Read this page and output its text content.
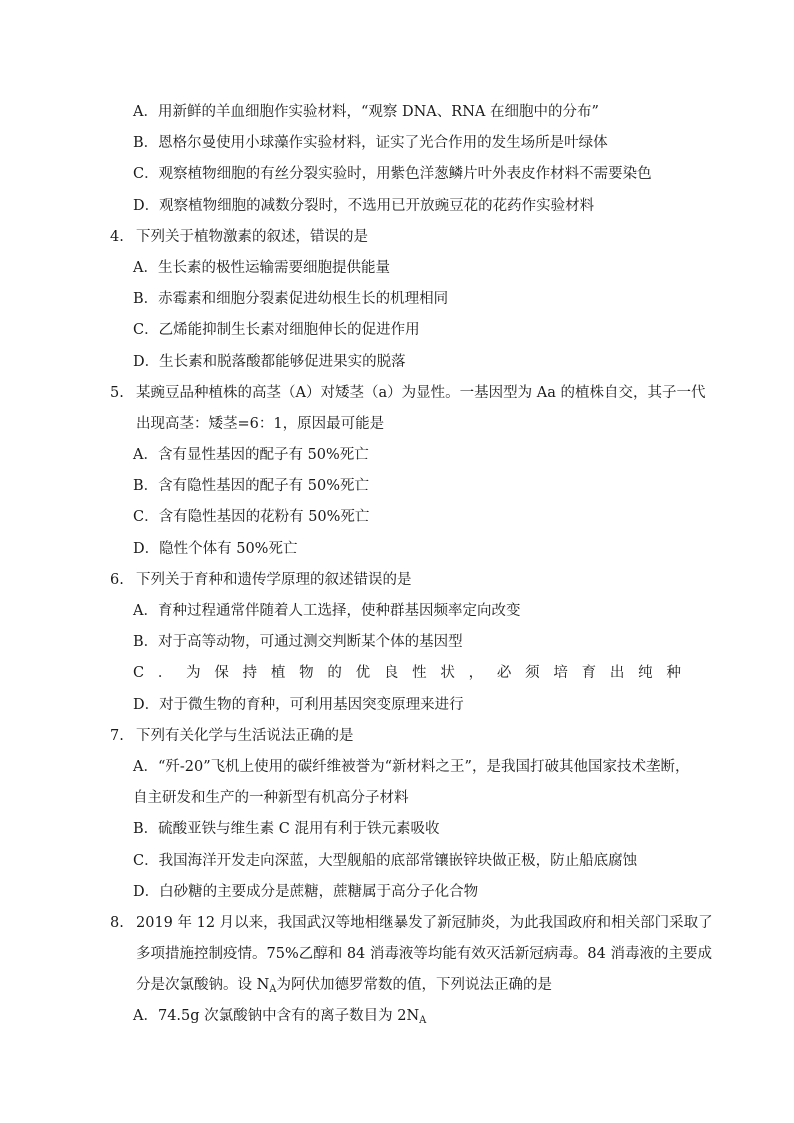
A．用新鲜的羊血细胞作实验材料，“观察 DNA、RNA 在细胞中的分布”
B．恩格尔曼使用小球藻作实验材料，证实了光合作用的发生场所是叶绿体
C．观察植物细胞的有丝分裂实验时，用紫色洋葱鳞片叶外表皮作材料不需要染色
D．观察植物细胞的减数分裂时，不选用已开放豌豆花的花药作实验材料
4. 下列关于植物激素的叙述，错误的是
A．生长素的极性运输需要细胞提供能量
B．赤霉素和细胞分裂素促进幼根生长的机理相同
C．乙烯能抑制生长素对细胞伸长的促进作用
D．生长素和脱落酸都能够促进果实的脱落
5. 某豌豆品种植株的高茎（A）对矮茎（a）为显性。一基因型为 Aa 的植株自交，其子一代
出现高茎：矮茎=6：1，原因最可能是
A．含有显性基因的配子有 50%死亡
B．含有隐性基因的配子有 50%死亡
C．含有隐性基因的花粉有 50%死亡
D．隐性个体有 50%死亡
6. 下列关于育种和遗传学原理的叙述错误的是
A．育种过程通常伴随着人工选择，使种群基因频率定向改变
B．对于高等动物，可通过测交判断某个体的基因型
C ． 为 保 持 植 物 的 优 良 性 状 ， 必 须 培 育 出 纯 种
D．对于微生物的育种，可利用基因突变原理来进行
7. 下列有关化学与生活说法正确的是
A．“歼-20”飞机上使用的碳纤维被誉为“新材料之王”，是我国打破其他国家技术垄断，
自主研发和生产的一种新型有机高分子材料
B．硫酸亚铁与维生素 C 混用有利于铁元素吸收
C．我国海洋开发走向深蓝，大型舰船的底部常镶嵌锌块做正极，防止船底腐蚀
D．白砂糖的主要成分是蔗糖，蔗糖属于高分子化合物
8. 2019 年 12 月以来，我国武汉等地相继暴发了新冠肺炎，为此我国政府和相关部门采取了
多项措施控制疫情。75%乙醇和 84 消毒液等均能有效灭活新冠病毒。84 消毒液的主要成
分是次氯酸钠。设 $N_A$为阿伏加德罗常数的值，下列说法正确的是
A．74.5g 次氯酸钠中含有的离子数目为 $2N_A$
